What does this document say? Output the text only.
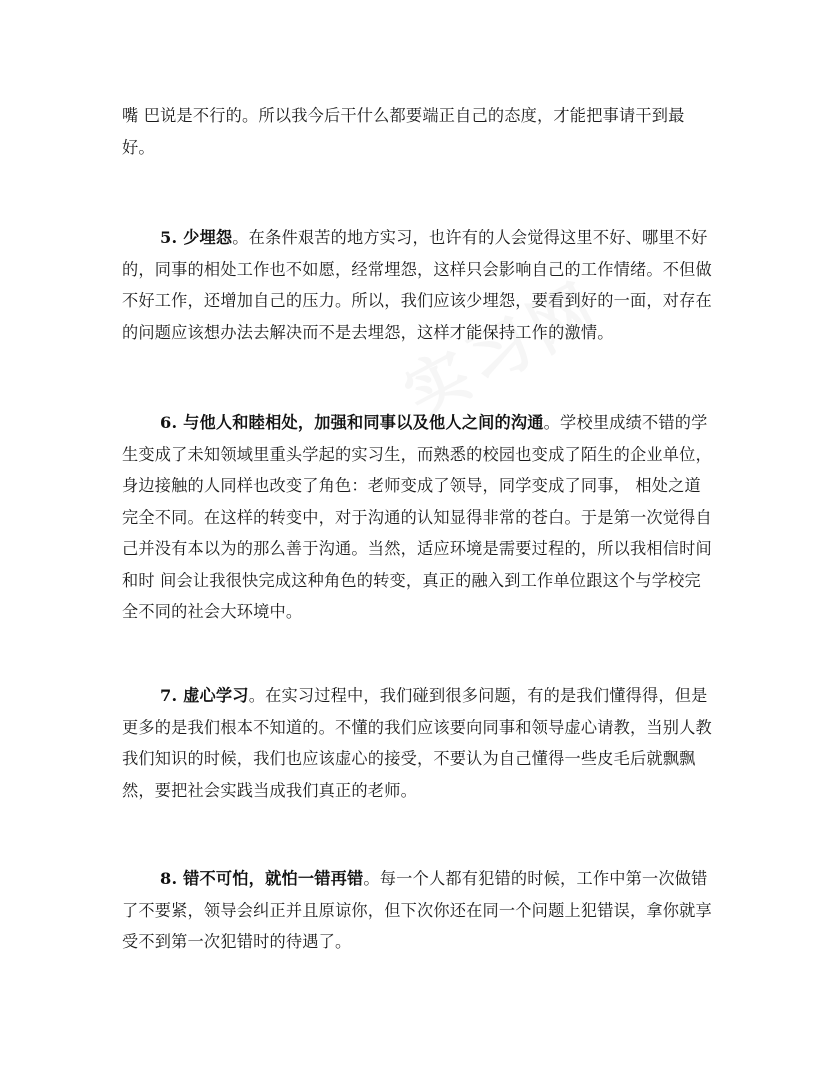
嘴 巴说是不行的。所以我今后干什么都要端正自己的态度，才能把事请干到最好。

5. 少埋怨。在条件艰苦的地方实习，也许有的人会觉得这里不好、哪里不好的，同事的相处工作也不如愿，经常埋怨，这样只会影响自己的工作情绪。不但做不好工作，还增加自己的压力。所以，我们应该少埋怨，要看到好的一面，对存在的问题应该想办法去解决而不是去埋怨，这样才能保持工作的激情。

6. 与他人和睦相处，加强和同事以及他人之间的沟通。学校里成绩不错的学生变成了未知领域里重头学起的实习生，而熟悉的校园也变成了陌生的企业单位，身边接触的人同样也改变了角色：老师变成了领导，同学变成了同事， 相处之道完全不同。在这样的转变中，对于沟通的认知显得非常的苍白。于是第一次觉得自己并没有本以为的那么善于沟通。当然，适应环境是需要过程的，所以我相信时间和时 间会让我很快完成这种角色的转变，真正的融入到工作单位跟这个与学校完全不同的社会大环境中。

7. 虚心学习。在实习过程中，我们碰到很多问题，有的是我们懂得得，但是更多的是我们根本不知道的。不懂的我们应该要向同事和领导虚心请教，当别人教我们知识的时候，我们也应该虚心的接受，不要认为自己懂得一些皮毛后就飘飘然，要把社会实践当成我们真正的老师。

8. 错不可怕，就怕一错再错。每一个人都有犯错的时候，工作中第一次做错了不要紧，领导会纠正并且原谅你，但下次你还在同一个问题上犯错误，拿你就享受不到第一次犯错时的待遇了。
